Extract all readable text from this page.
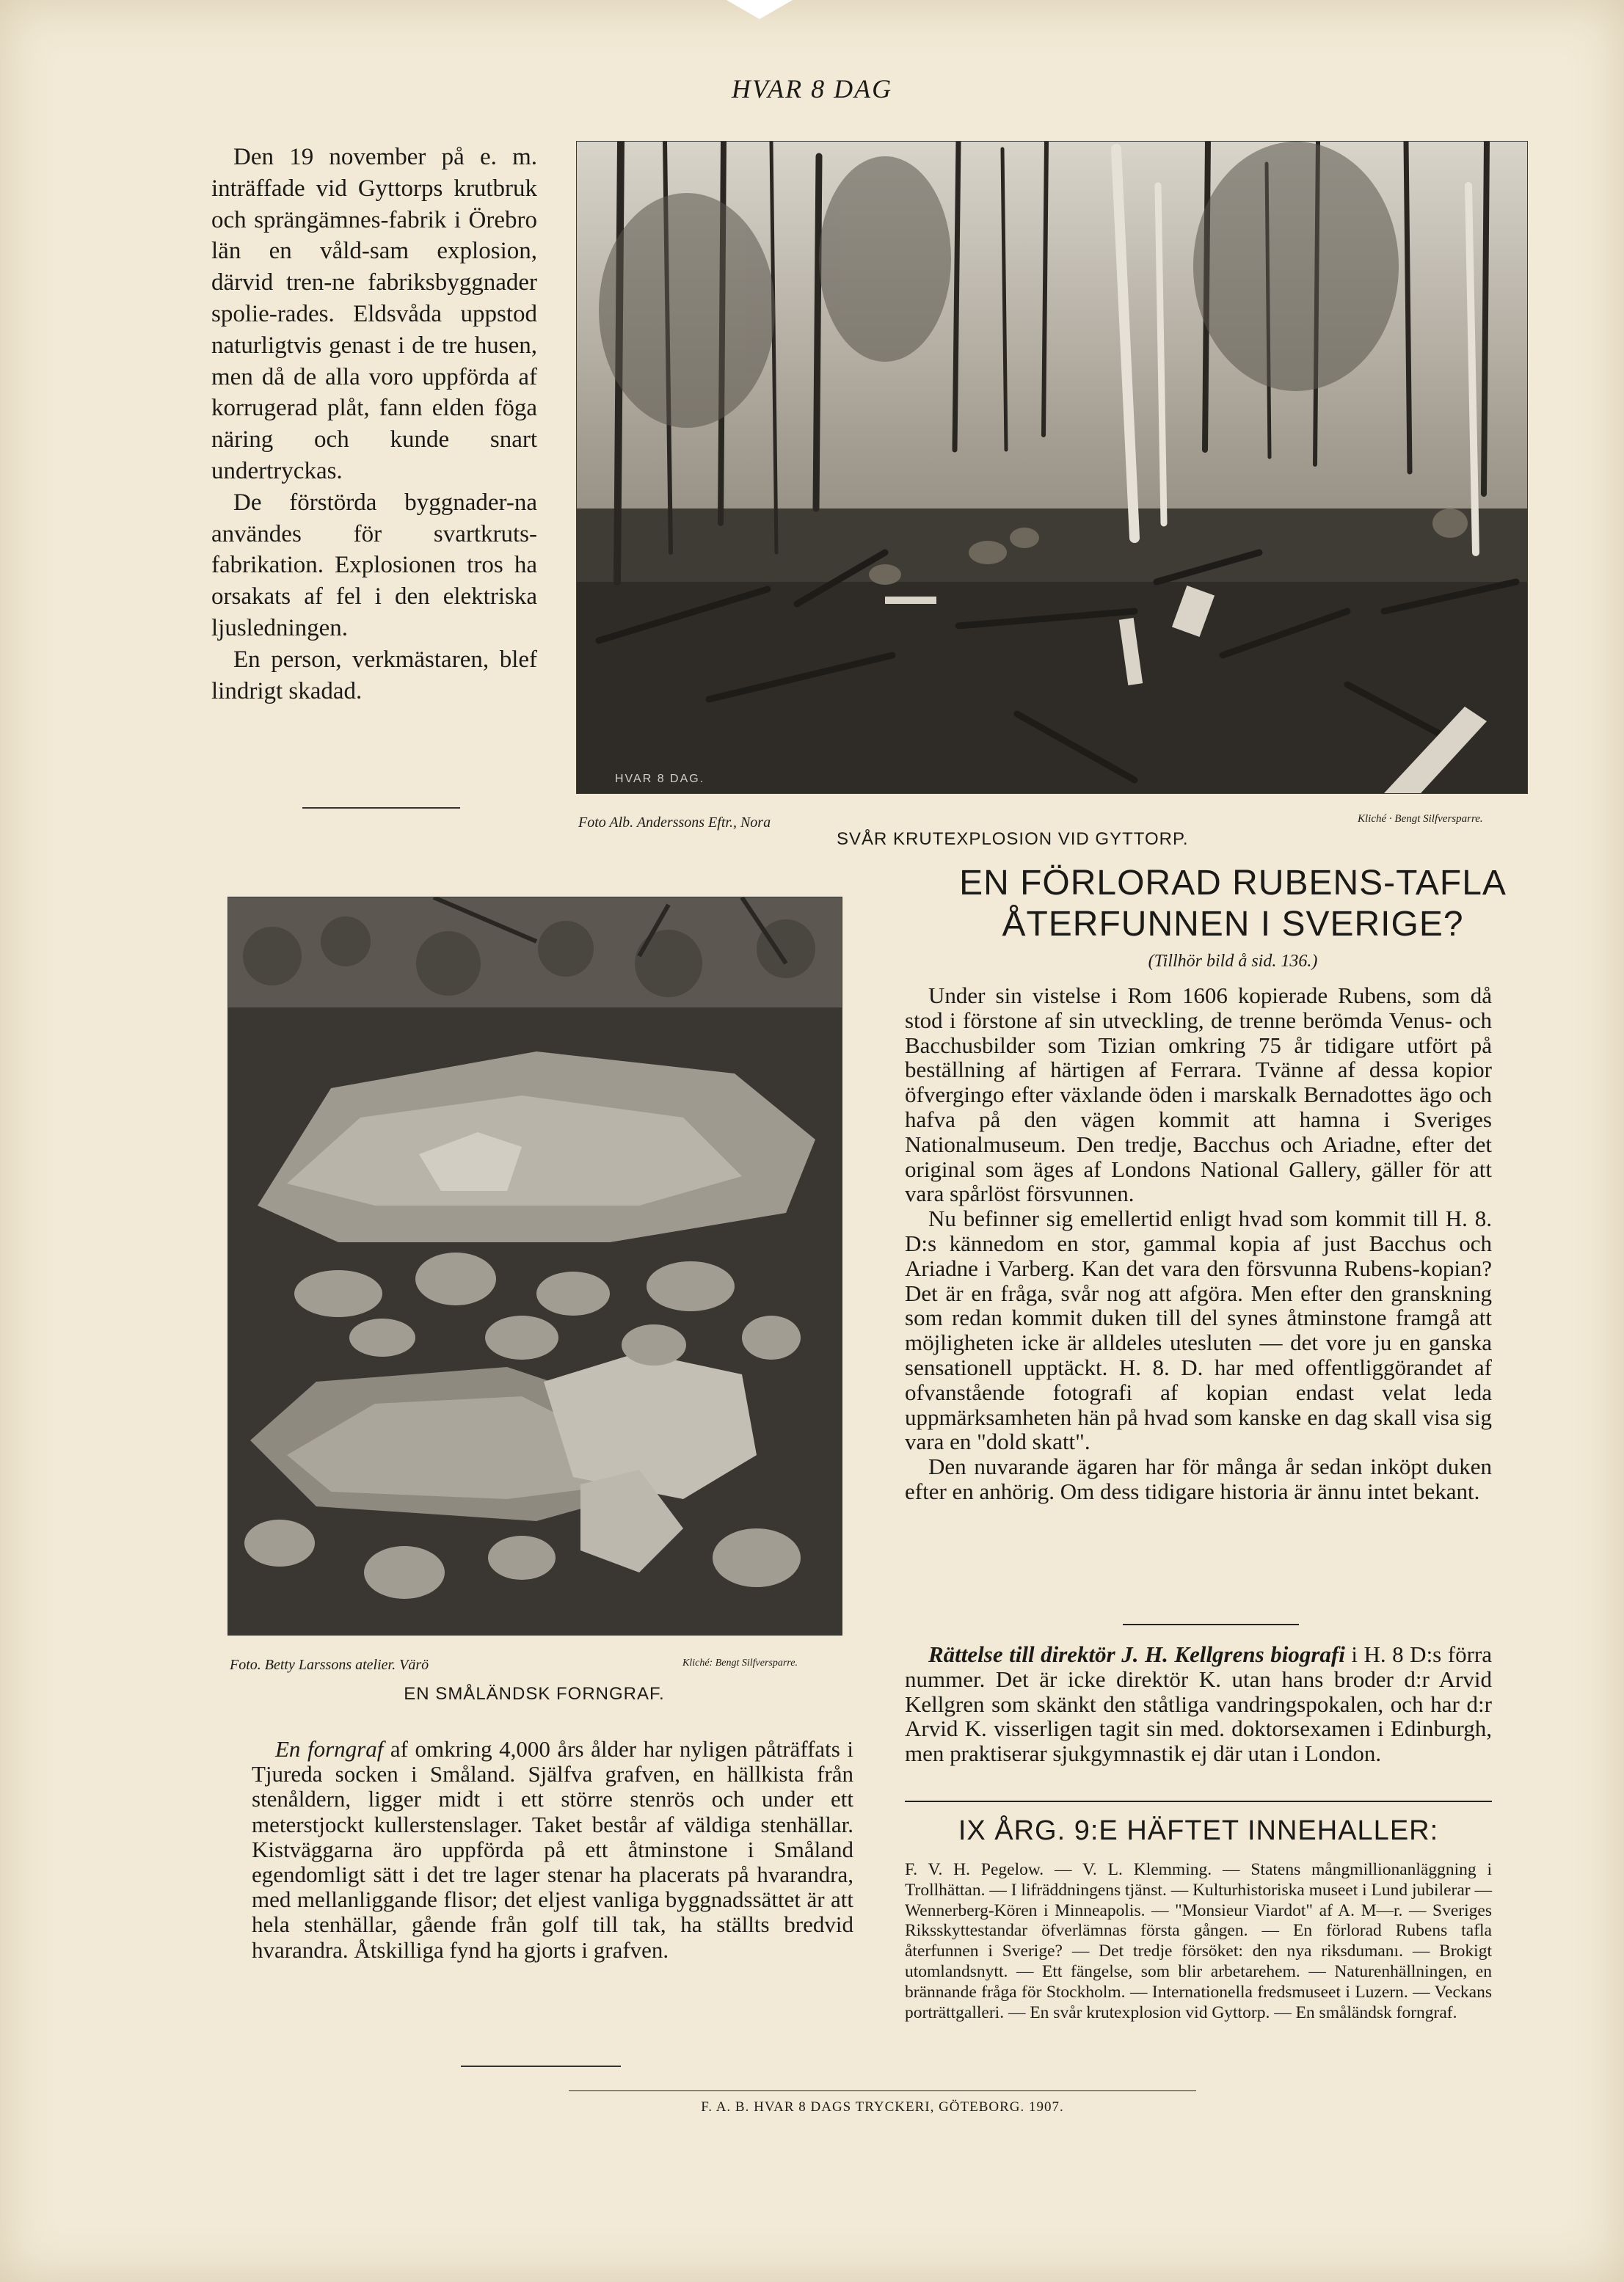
HVAR 8 DAG

Den 19 november på e. m. inträffade vid Gyttorps krutbruk och sprängämnes-fabrik i Örebro län en våld-sam explosion, därvid tren-ne fabriksbyggnader spolie-rades. Eldsvåda uppstod naturligtvis genast i de tre husen, men då de alla voro uppförda af korrugerad plåt, fann elden föga näring och kunde snart undertryckas.

De förstörda byggnader-na användes för svartkruts-fabrikation. Explosionen tros ha orsakats af fel i den elektriska ljusledningen.

En person, verkmästaren, blef lindrigt skadad.

HVAR 8 DAG.
Foto Alb. Anderssons Eftr., Nora	Kliché · Bengt Silfversparre.
SVÅR KRUTEXPLOSION VID GYTTORP.
Foto. Betty Larssons atelier. Värö	Kliché: Bengt Silfversparre.
EN SMÅLÄNDSK FORNGRAF.

En forngraf af omkring 4,000 års ålder har nyligen påträffats i Tjureda socken i Småland. Själfva grafven, en hällkista från stenåldern, ligger midt i ett större stenrös och under ett meterstjockt kullerstenslager. Taket består af väldiga stenhällar. Kistväggarna äro uppförda på ett åtminstone i Småland egendomligt sätt i det tre lager stenar ha placerats på hvarandra, med mellanliggande flisor; det eljest vanliga byggnadssättet är att hela stenhällar, gående från golf till tak, ha ställts bredvid hvarandra. Åtskilliga fynd ha gjorts i grafven.

EN FÖRLORAD RUBENS-TAFLA
ÅTERFUNNEN I SVERIGE?
(Tillhör bild å sid. 136.)

Under sin vistelse i Rom 1606 kopierade Rubens, som då stod i förstone af sin utveckling, de trenne berömda Venus- och Bacchusbilder som Tizian omkring 75 år tidigare utfört på beställning af härtigen af Ferrara. Tvänne af dessa kopior öfvergingo efter växlande öden i marskalk Bernadottes ägo och hafva på den vägen kommit att hamna i Sveriges Nationalmuseum. Den tredje, Bacchus och Ariadne, efter det original som äges af Londons National Gallery, gäller för att vara spårlöst försvunnen.

Nu befinner sig emellertid enligt hvad som kommit till H. 8. D:s kännedom en stor, gammal kopia af just Bacchus och Ariadne i Varberg. Kan det vara den försvunna Rubens-kopian? Det är en fråga, svår nog att afgöra. Men efter den granskning som redan kommit duken till del synes åtminstone framgå att möjligheten icke är alldeles utesluten — det vore ju en ganska sensationell upptäckt. H. 8. D. har med offentliggörandet af ofvanstående fotografi af kopian endast velat leda uppmärksamheten hän på hvad som kanske en dag skall visa sig vara en "dold skatt".

Den nuvarande ägaren har för många år sedan inköpt duken efter en anhörig. Om dess tidigare historia är ännu intet bekant.

Rättelse till direktör J. H. Kellgrens biografi i H. 8 D:s förra nummer. Det är icke direktör K. utan hans broder d:r Arvid Kellgren som skänkt den ståtliga vandringspokalen, och har d:r Arvid K. visserligen tagit sin med. doktorsexamen i Edinburgh, men praktiserar sjukgymnastik ej där utan i London.

IX ÅRG. 9:E HÄFTET INNEHALLER:

F. V. H. Pegelow. — V. L. Klemming. — Statens mångmillionanläggning i Trollhättan. — I lifräddningens tjänst. — Kulturhistoriska museet i Lund jubilerar — Wennerberg-Kören i Minneapolis. — "Monsieur Viardot" af A. M—r. — Sveriges Riksskyttestandar öfverlämnas första gången. — En förlorad Rubens tafla återfunnen i Sverige? — Det tredje försöket: den nya riksdumanı. — Brokigt utomlandsnytt. — Ett fängelse, som blir arbetarehem. — Naturenhällningen, en brännande fråga för Stockholm. — Internationella fredsmuseet i Luzern. — Veckans porträttgalleri. — En svår krutexplosion vid Gyttorp. — En småländsk forngraf.

F. A. B. HVAR 8 DAGS TRYCKERI, GÖTEBORG. 1907.
